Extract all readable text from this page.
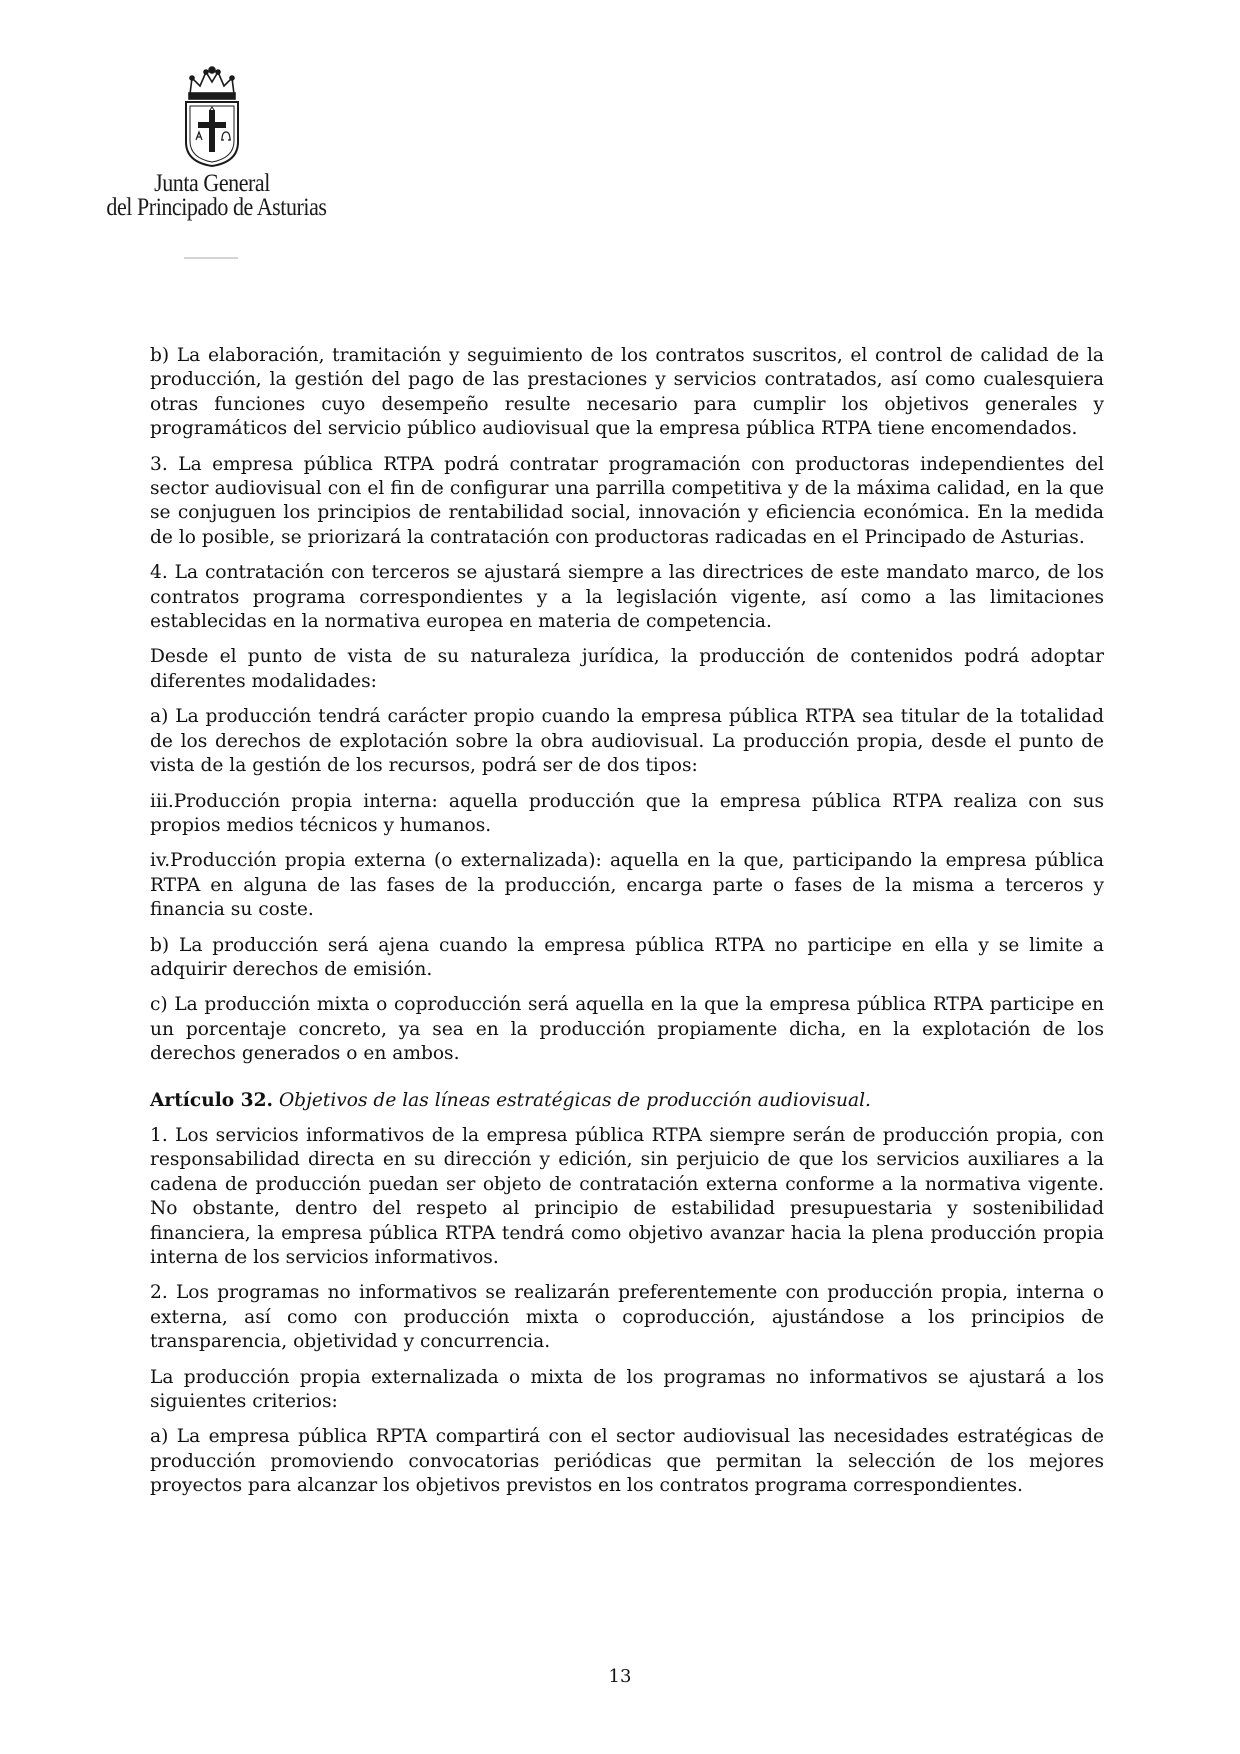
Junta General
del Principado de Asturias

b) La elaboración, tramitación y seguimiento de los contratos suscritos, el control de calidad de la producción, la gestión del pago de las prestaciones y servicios contratados, así como cualesquiera otras funciones cuyo desempeño resulte necesario para cumplir los objetivos generales y programáticos del servicio público audiovisual que la empresa pública RTPA tiene encomendados.

3. La empresa pública RTPA podrá contratar programación con productoras independientes del sector audiovisual con el fin de configurar una parrilla competitiva y de la máxima calidad, en la que se conjuguen los principios de rentabilidad social, innovación y eficiencia económica. En la medida de lo posible, se priorizará la contratación con productoras radicadas en el Principado de Asturias.

4. La contratación con terceros se ajustará siempre a las directrices de este mandato marco, de los contratos programa correspondientes y a la legislación vigente, así como a las limitaciones establecidas en la normativa europea en materia de competencia.

Desde el punto de vista de su naturaleza jurídica, la producción de contenidos podrá adoptar diferentes modalidades:

a) La producción tendrá carácter propio cuando la empresa pública RTPA sea titular de la totalidad de los derechos de explotación sobre la obra audiovisual. La producción propia, desde el punto de vista de la gestión de los recursos, podrá ser de dos tipos:

iii.Producción propia interna: aquella producción que la empresa pública RTPA realiza con sus propios medios técnicos y humanos.

iv.Producción propia externa (o externalizada): aquella en la que, participando la empresa pública RTPA en alguna de las fases de la producción, encarga parte o fases de la misma a terceros y financia su coste.

b) La producción será ajena cuando la empresa pública RTPA no participe en ella y se limite a adquirir derechos de emisión.

c) La producción mixta o coproducción será aquella en la que la empresa pública RTPA participe en un porcentaje concreto, ya sea en la producción propiamente dicha, en la explotación de los derechos generados o en ambos.

Artículo 32. Objetivos de las líneas estratégicas de producción audiovisual.

1. Los servicios informativos de la empresa pública RTPA siempre serán de producción propia, con responsabilidad directa en su dirección y edición, sin perjuicio de que los servicios auxiliares a la cadena de producción puedan ser objeto de contratación externa conforme a la normativa vigente. No obstante, dentro del respeto al principio de estabilidad presupuestaria y sostenibilidad financiera, la empresa pública RTPA tendrá como objetivo avanzar hacia la plena producción propia interna de los servicios informativos.

2. Los programas no informativos se realizarán preferentemente con producción propia, interna o externa, así como con producción mixta o coproducción, ajustándose a los principios de transparencia, objetividad y concurrencia.

La producción propia externalizada o mixta de los programas no informativos se ajustará a los siguientes criterios:

a) La empresa pública RPTA compartirá con el sector audiovisual las necesidades estratégicas de producción promoviendo convocatorias periódicas que permitan la selección de los mejores proyectos para alcanzar los objetivos previstos en los contratos programa correspondientes.

13
